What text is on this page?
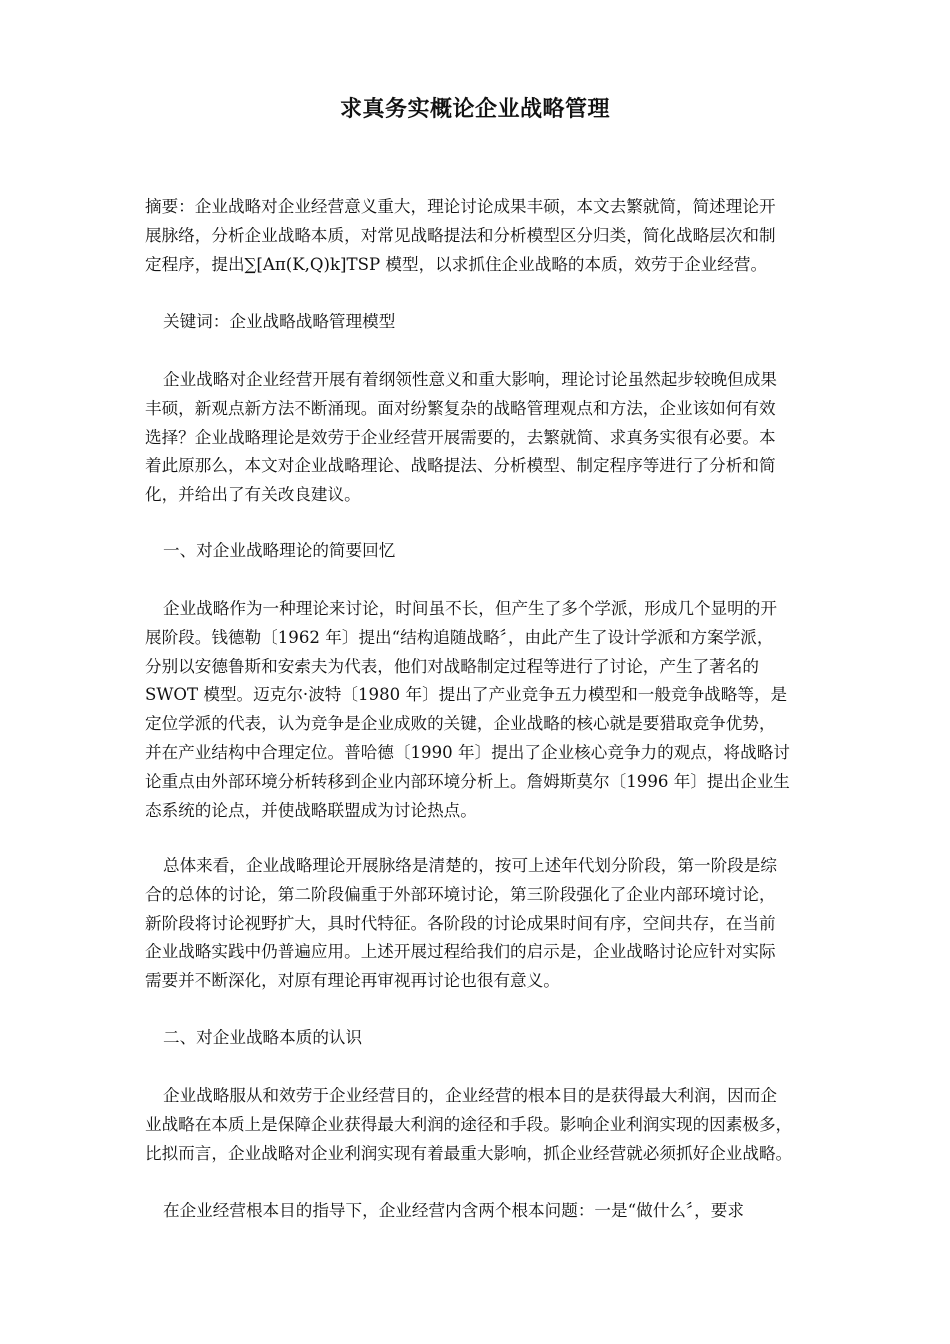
求真务实概论企业战略管理
摘要：企业战略对企业经营意义重大，理论讨论成果丰硕，本文去繁就简，简述理论开
展脉络，分析企业战略本质，对常见战略提法和分析模型区分归类，简化战略层次和制
定程序，提出∑[Aπ(K,Q)k]TSP 模型，以求抓住企业战略的本质，效劳于企业经营。
关键词：企业战略战略管理模型
企业战略对企业经营开展有着纲领性意义和重大影响，理论讨论虽然起步较晚但成果
丰硕，新观点新方法不断涌现。面对纷繁复杂的战略管理观点和方法，企业该如何有效
选择？企业战略理论是效劳于企业经营开展需要的，去繁就简、求真务实很有必要。本
着此原那么，本文对企业战略理论、战略提法、分析模型、制定程序等进行了分析和简
化，并给出了有关改良建议。
一、对企业战略理论的简要回忆
企业战略作为一种理论来讨论，时间虽不长，但产生了多个学派，形成几个显明的开
展阶段。钱德勒〔1962 年〕提出“结构追随战略〞，由此产生了设计学派和方案学派，
分别以安德鲁斯和安索夫为代表，他们对战略制定过程等进行了讨论，产生了著名的
SWOT 模型。迈克尔·波特〔1980 年〕提出了产业竞争五力模型和一般竞争战略等，是
定位学派的代表，认为竞争是企业成败的关键，企业战略的核心就是要猎取竞争优势，
并在产业结构中合理定位。普哈德〔1990 年〕提出了企业核心竞争力的观点，将战略讨
论重点由外部环境分析转移到企业内部环境分析上。詹姆斯莫尔〔1996 年〕提出企业生
态系统的论点，并使战略联盟成为讨论热点。
总体来看，企业战略理论开展脉络是清楚的，按可上述年代划分阶段，第一阶段是综
合的总体的讨论，第二阶段偏重于外部环境讨论，第三阶段强化了企业内部环境讨论，
新阶段将讨论视野扩大，具时代特征。各阶段的讨论成果时间有序，空间共存，在当前
企业战略实践中仍普遍应用。上述开展过程给我们的启示是，企业战略讨论应针对实际
需要并不断深化，对原有理论再审视再讨论也很有意义。
二、对企业战略本质的认识
企业战略服从和效劳于企业经营目的，企业经营的根本目的是获得最大利润，因而企
业战略在本质上是保障企业获得最大利润的途径和手段。影响企业利润实现的因素极多，
比拟而言，企业战略对企业利润实现有着最重大影响，抓企业经营就必须抓好企业战略。
在企业经营根本目的指导下，企业经营内含两个根本问题：一是“做什么〞，要求
